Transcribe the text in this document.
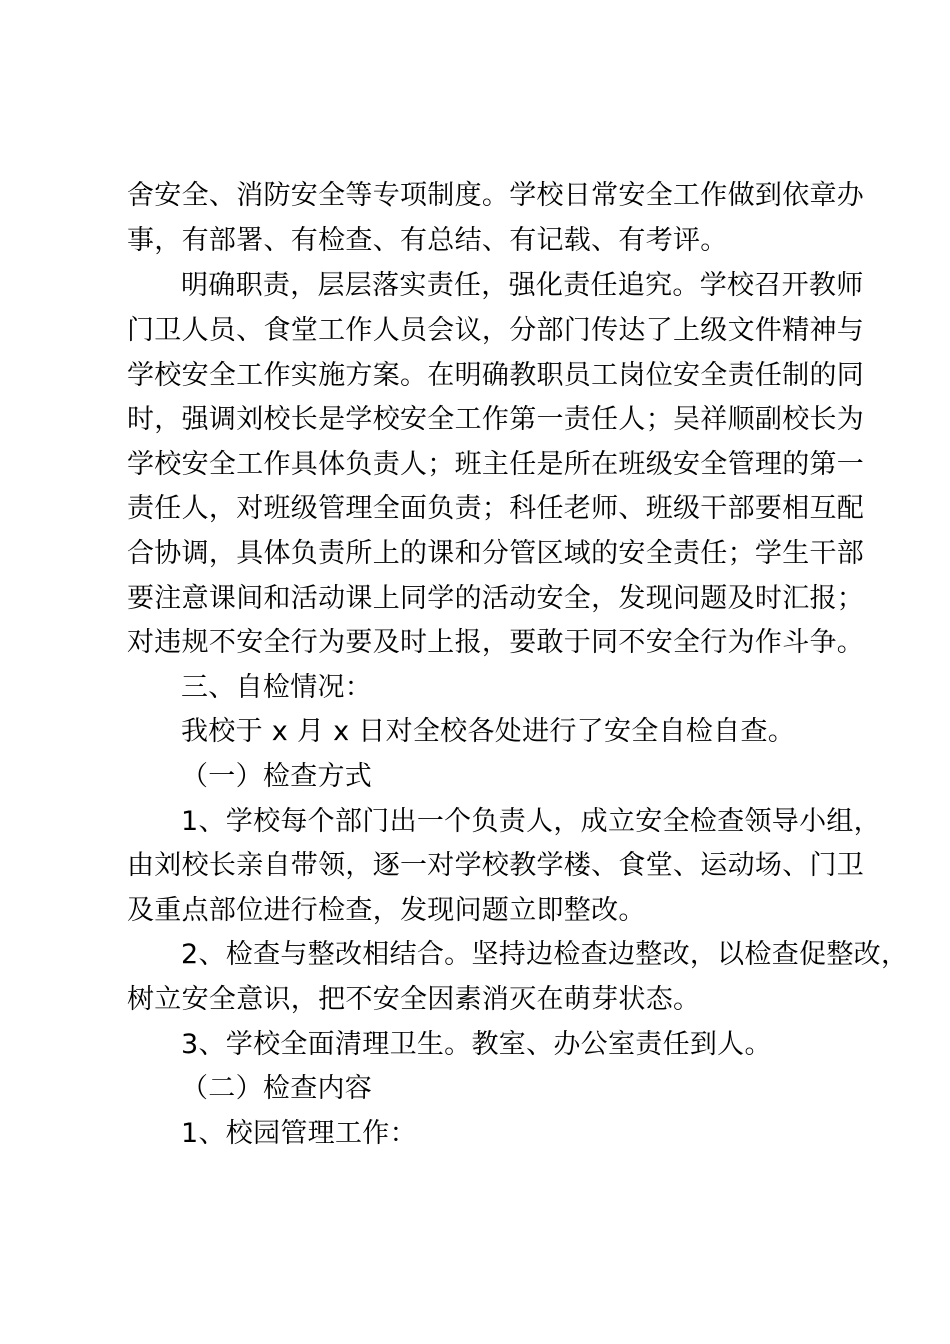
舍安全、消防安全等专项制度。学校日常安全工作做到依章办
事，有部署、有检查、有总结、有记载、有考评。
明确职责，层层落实责任，强化责任追究。学校召开教师
门卫人员、食堂工作人员会议，分部门传达了上级文件精神与
学校安全工作实施方案。在明确教职员工岗位安全责任制的同
时，强调刘校长是学校安全工作第一责任人；吴祥顺副校长为
学校安全工作具体负责人；班主任是所在班级安全管理的第一
责任人，对班级管理全面负责；科任老师、班级干部要相互配
合协调，具体负责所上的课和分管区域的安全责任；学生干部
要注意课间和活动课上同学的活动安全，发现问题及时汇报；
对违规不安全行为要及时上报，要敢于同不安全行为作斗争。
三、自检情况：
我校于 x 月 x 日对全校各处进行了安全自检自查。
（一）检查方式
1、学校每个部门出一个负责人，成立安全检查领导小组，
由刘校长亲自带领，逐一对学校教学楼、食堂、运动场、门卫
及重点部位进行检查，发现问题立即整改。
2、检查与整改相结合。坚持边检查边整改，以检查促整改，
树立安全意识，把不安全因素消灭在萌芽状态。
3、学校全面清理卫生。教室、办公室责任到人。
（二）检查内容
1、校园管理工作：
